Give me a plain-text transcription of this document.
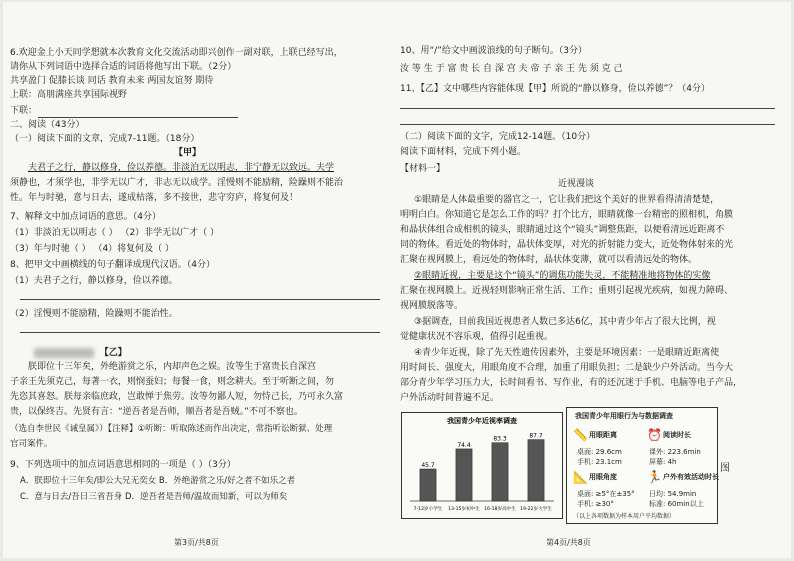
6.欢迎金上小天同学想就本次教育文化交流活动即兴创作一副对联，上联已经写出，
请你从下列词语中选择合适的词语将他写出下联。（2分）
共享盈门 促膝长谈 同话 教育未来 两国友谊努 期待
上联：高朋满座共享国际视野
下联：
二、阅读（43分）
（一）阅读下面的文章，完成7-11题。（18分）
【甲】
夫君子之行，静以修身，俭以养德。非淡泊无以明志，非宁静无以致远。夫学
须静也，才须学也，非学无以广才，非志无以成学。淫慢则不能励精，险躁则不能治
性。年与时驰，意与日去，遂成枯落，多不接世，悲守穷庐，将复何及！
7、解释文中加点词语的意思。（4分）
（1）非淡泊无以明志（ ） （2）非学无以广才（ ）
（3）年与时驰（ ） （4）将复何及（ ）
8、把甲文中画横线的句子翻译成现代汉语。（4分）
（1）夫君子之行，静以修身，俭以养德。
（2）淫慢则不能励精，险躁则不能治性。
【乙】
朕即位十三年矣，外绝游赏之乐，内却声色之娱。汝等生于富贵长自深宫
子亲王先须克己，每著一衣，则悯蚕妇；每餐一食，则念耕夫。至于听断之间，勿
先恣其喜怒。朕每亲临庶政，岂敢惮于焦劳。汝等勿鄙人短，勿恃己长，乃可永久富
贵，以保终吉。先贤有言：“逆吾者是吾师，顺吾者是吾贼。”不可不察也。
（选自李世民《诫皇属》）【注释】①听断：听取陈述而作出决定，常指听讼断狱、处理
官司案件。
9、下列选项中的加点词语意思相同的一项是（ ）（3分）
A．朕即位十三年矣/即公大兄无奕女 B．外绝游赏之乐/好之者不如乐之者
C．意与日去/吾日三省吾身 D．逆吾者是吾师/温故而知新，可以为师矣
第3页/共8页
10、用“/”给文中画波浪线的句子断句。（3分）
汝 等 生 于 富 贵 长 自 深 宫 夫 帝 子 亲 王 先 须 克 己
11、【乙】文中哪些内容能体现【甲】所说的“静以修身，俭以养德”？（4分）
（二）阅读下面的文字，完成12-14题。（10分）
阅读下面材料，完成下列小题。
【材料一】
近视漫谈
①眼睛是人体最重要的器官之一，它让我们把这个美好的世界看得清清楚楚，
明明白白。你知道它是怎么工作的吗？打个比方，眼睛就像一台精密的照相机，角膜
和晶状体组合成相机的镜头，眼睛通过这个“镜头”调整焦距，以便看清远近距离不
同的物体。看近处的物体时，晶状体变厚，对光的折射能力变大，近处物体射来的光
汇聚在视网膜上，看远处的物体时，晶状体变薄，就可以看清远处的物体。
②眼睛近视，主要是这个“镜头”的调焦功能失灵，不能精准地将物体的实像
汇聚在视网膜上。近视轻则影响正常生活、工作；重则引起视光疾病，如视力障碍、
视网膜脱落等。
③据调查，目前我国近视患者人数已多达6亿，其中青少年占了很大比例，视
觉健康状况不容乐观，值得引起重视。
④青少年近视，除了先天性遗传因素外，主要是环境因素：一是眼睛近距离使
用时间长、强度大，用眼角度不合理，加重了用眼负担；二是缺少户外活动。当今大
部分青少年学习压力大，长时间看书、写作业，有的还沉迷于手机、电脑等电子产品，
户外活动时间普遍不足。
我国青少年近视率调查
45.7
7-12岁小学生
74.4
13-15岁初中生
83.3
16-18岁高中生
87.7
19-22岁大学生
我国青少年用眼行为与数据调查
📏 用眼距离	⏰ 阅读时长
桌面: 29.6cm
手机: 23.1cm
课外: 223.6min
屏幕: 4h
📐 用眼角度	🏃 户外有效活动时长
桌面: ≥5°在±35°
手机: ≥30°
日均: 54.9min
标准: 60min以上
（以上各项数据为样本用户平均数据）
图
第4页/共8页
